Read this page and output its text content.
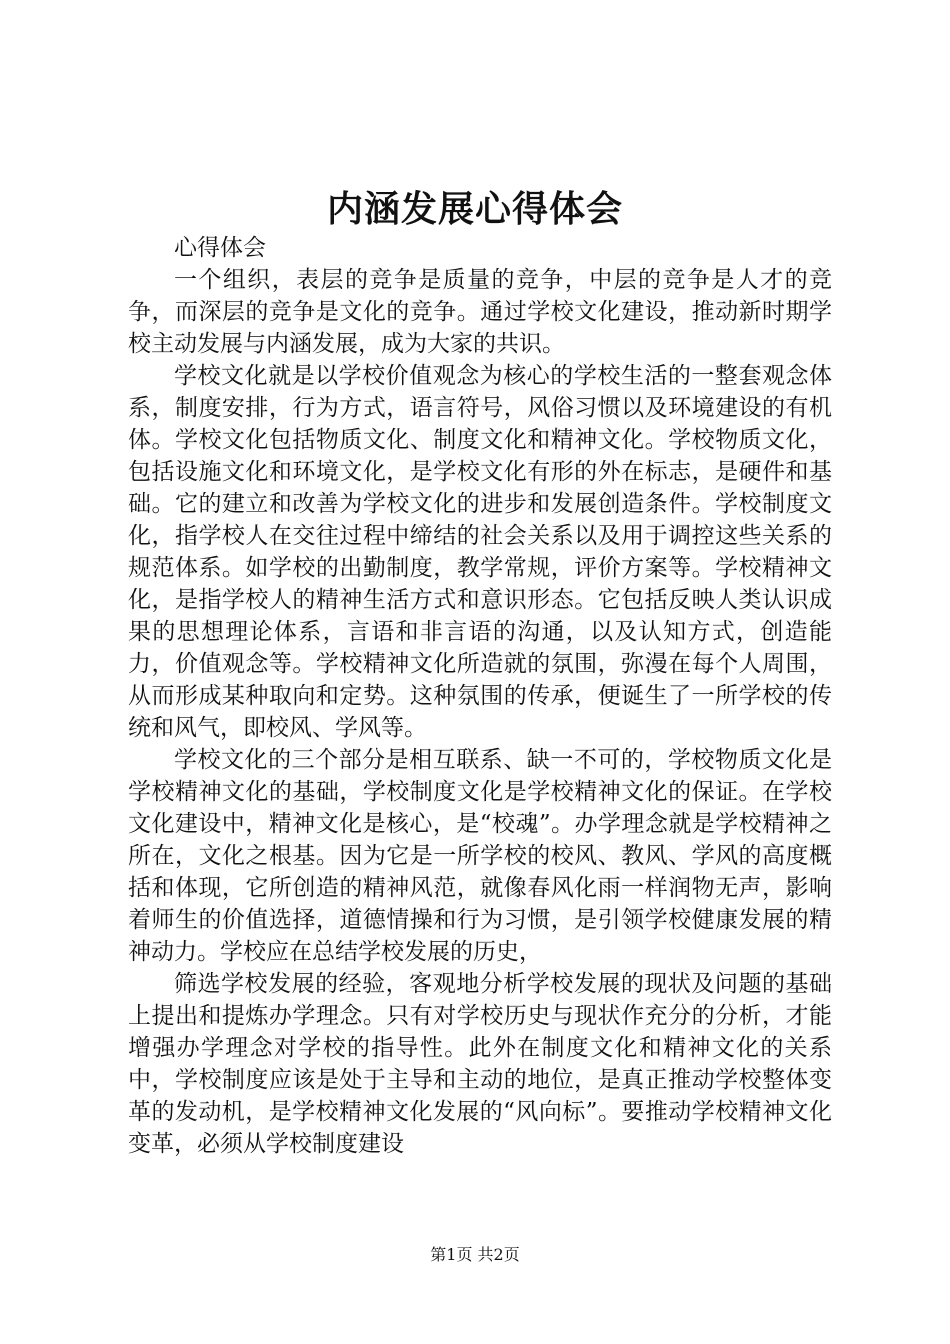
内涵发展心得体会

心得体会

一个组织，表层的竞争是质量的竞争，中层的竞争是人才的竞争，而深层的竞争是文化的竞争。通过学校文化建设，推动新时期学校主动发展与内涵发展，成为大家的共识。

学校文化就是以学校价值观念为核心的学校生活的一整套观念体系，制度安排，行为方式，语言符号，风俗习惯以及环境建设的有机体。学校文化包括物质文化、制度文化和精神文化。学校物质文化，包括设施文化和环境文化，是学校文化有形的外在标志，是硬件和基础。它的建立和改善为学校文化的进步和发展创造条件。学校制度文化，指学校人在交往过程中缔结的社会关系以及用于调控这些关系的规范体系。如学校的出勤制度，教学常规，评价方案等。学校精神文化，是指学校人的精神生活方式和意识形态。它包括反映人类认识成果的思想理论体系，言语和非言语的沟通，以及认知方式，创造能力，价值观念等。学校精神文化所造就的氛围，弥漫在每个人周围，从而形成某种取向和定势。这种氛围的传承，便诞生了一所学校的传统和风气，即校风、学风等。

学校文化的三个部分是相互联系、缺一不可的，学校物质文化是学校精神文化的基础，学校制度文化是学校精神文化的保证。在学校文化建设中，精神文化是核心，是“校魂”。办学理念就是学校精神之所在，文化之根基。因为它是一所学校的校风、教风、学风的高度概括和体现，它所创造的精神风范，就像春风化雨一样润物无声，影响着师生的价值选择，道德情操和行为习惯，是引领学校健康发展的精神动力。学校应在总结学校发展的历史，

筛选学校发展的经验，客观地分析学校发展的现状及问题的基础上提出和提炼办学理念。只有对学校历史与现状作充分的分析，才能增强办学理念对学校的指导性。此外在制度文化和精神文化的关系中，学校制度应该是处于主导和主动的地位，是真正推动学校整体变革的发动机，是学校精神文化发展的“风向标”。要推动学校精神文化变革，必须从学校制度建设

第1页 共2页
